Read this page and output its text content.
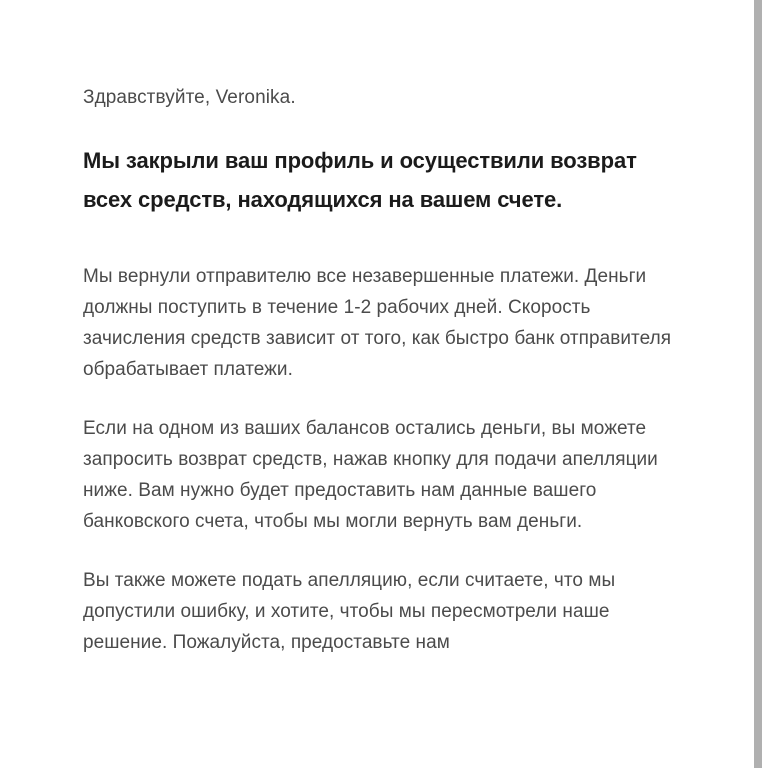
Здравствуйте, Veronika.

Мы закрыли ваш профиль и осуществили возврат всех средств, находящихся на вашем счете.

Мы вернули отправителю все незавершенные платежи. Деньги должны поступить в течение 1-2 рабочих дней. Скорость зачисления средств зависит от того, как быстро банк отправителя обрабатывает платежи.

Если на одном из ваших балансов остались деньги, вы можете запросить возврат средств, нажав кнопку для подачи апелляции ниже. Вам нужно будет предоставить нам данные вашего банковского счета, чтобы мы могли вернуть вам деньги.

Вы также можете подать апелляцию, если считаете, что мы допустили ошибку, и хотите, чтобы мы пересмотрели наше решение. Пожалуйста, предоставьте нам
